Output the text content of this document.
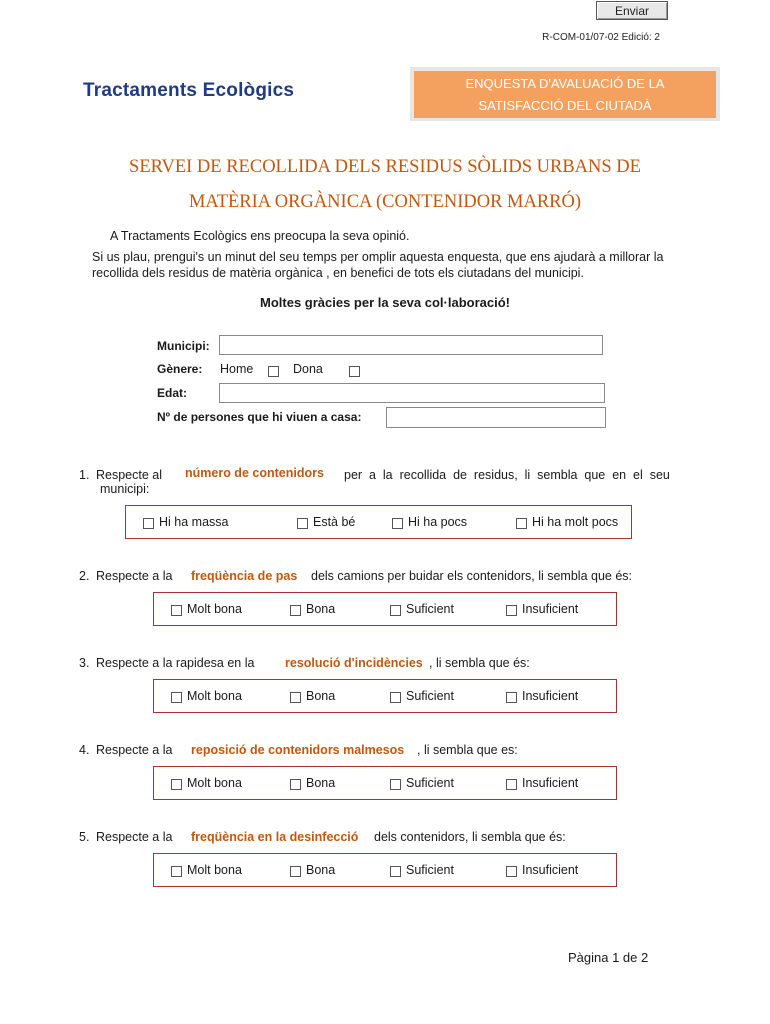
Enviar
R-COM-01/07-02 Edició: 2
Tractaments Ecològics	ENQUESTA D'AVALUACIÓ DE LA
SATISFACCIÓ DEL CIUTADÀ
SERVEI DE RECOLLIDA DELS RESIDUS SÒLIDS URBANS DE
MATÈRIA ORGÀNICA (CONTENIDOR MARRÓ)
A Tractaments Ecològics ens preocupa la seva opinió.
Si us plau, prengui's un minut del seu temps per omplir aquesta enquesta, que ens ajudarà a millorar la recollida dels residus de matèria orgànica , en benefici de tots els ciutadans del municipi.
Moltes gràcies per la seva col·laboració!
Municipi:
Gènere: Home	Dona
Edat:
Nº de persones que hi viuen a casa:
1. Respecte al número de contenidors per  a  la  recollida  de  residus,  li  sembla  que  en  el  seu
municipi:
Hi ha massa	Està bé	Hi ha pocs	Hi ha molt pocs
2. Respecte a la freqüència de pas dels camions per buidar els contenidors, li sembla que és:
Molt bona	Bona	Suficient	Insuficient
3. Respecte a la rapidesa en la resolució d'incidències , li sembla que és:
Molt bona	Bona	Suficient	Insuficient
4. Respecte a la reposició de contenidors malmesos , li sembla que es:
Molt bona	Bona	Suficient	Insuficient
5. Respecte a la freqüència en la desinfecció dels contenidors, li sembla que és:
Molt bona	Bona	Suficient	Insuficient
Pàgina 1 de 2
